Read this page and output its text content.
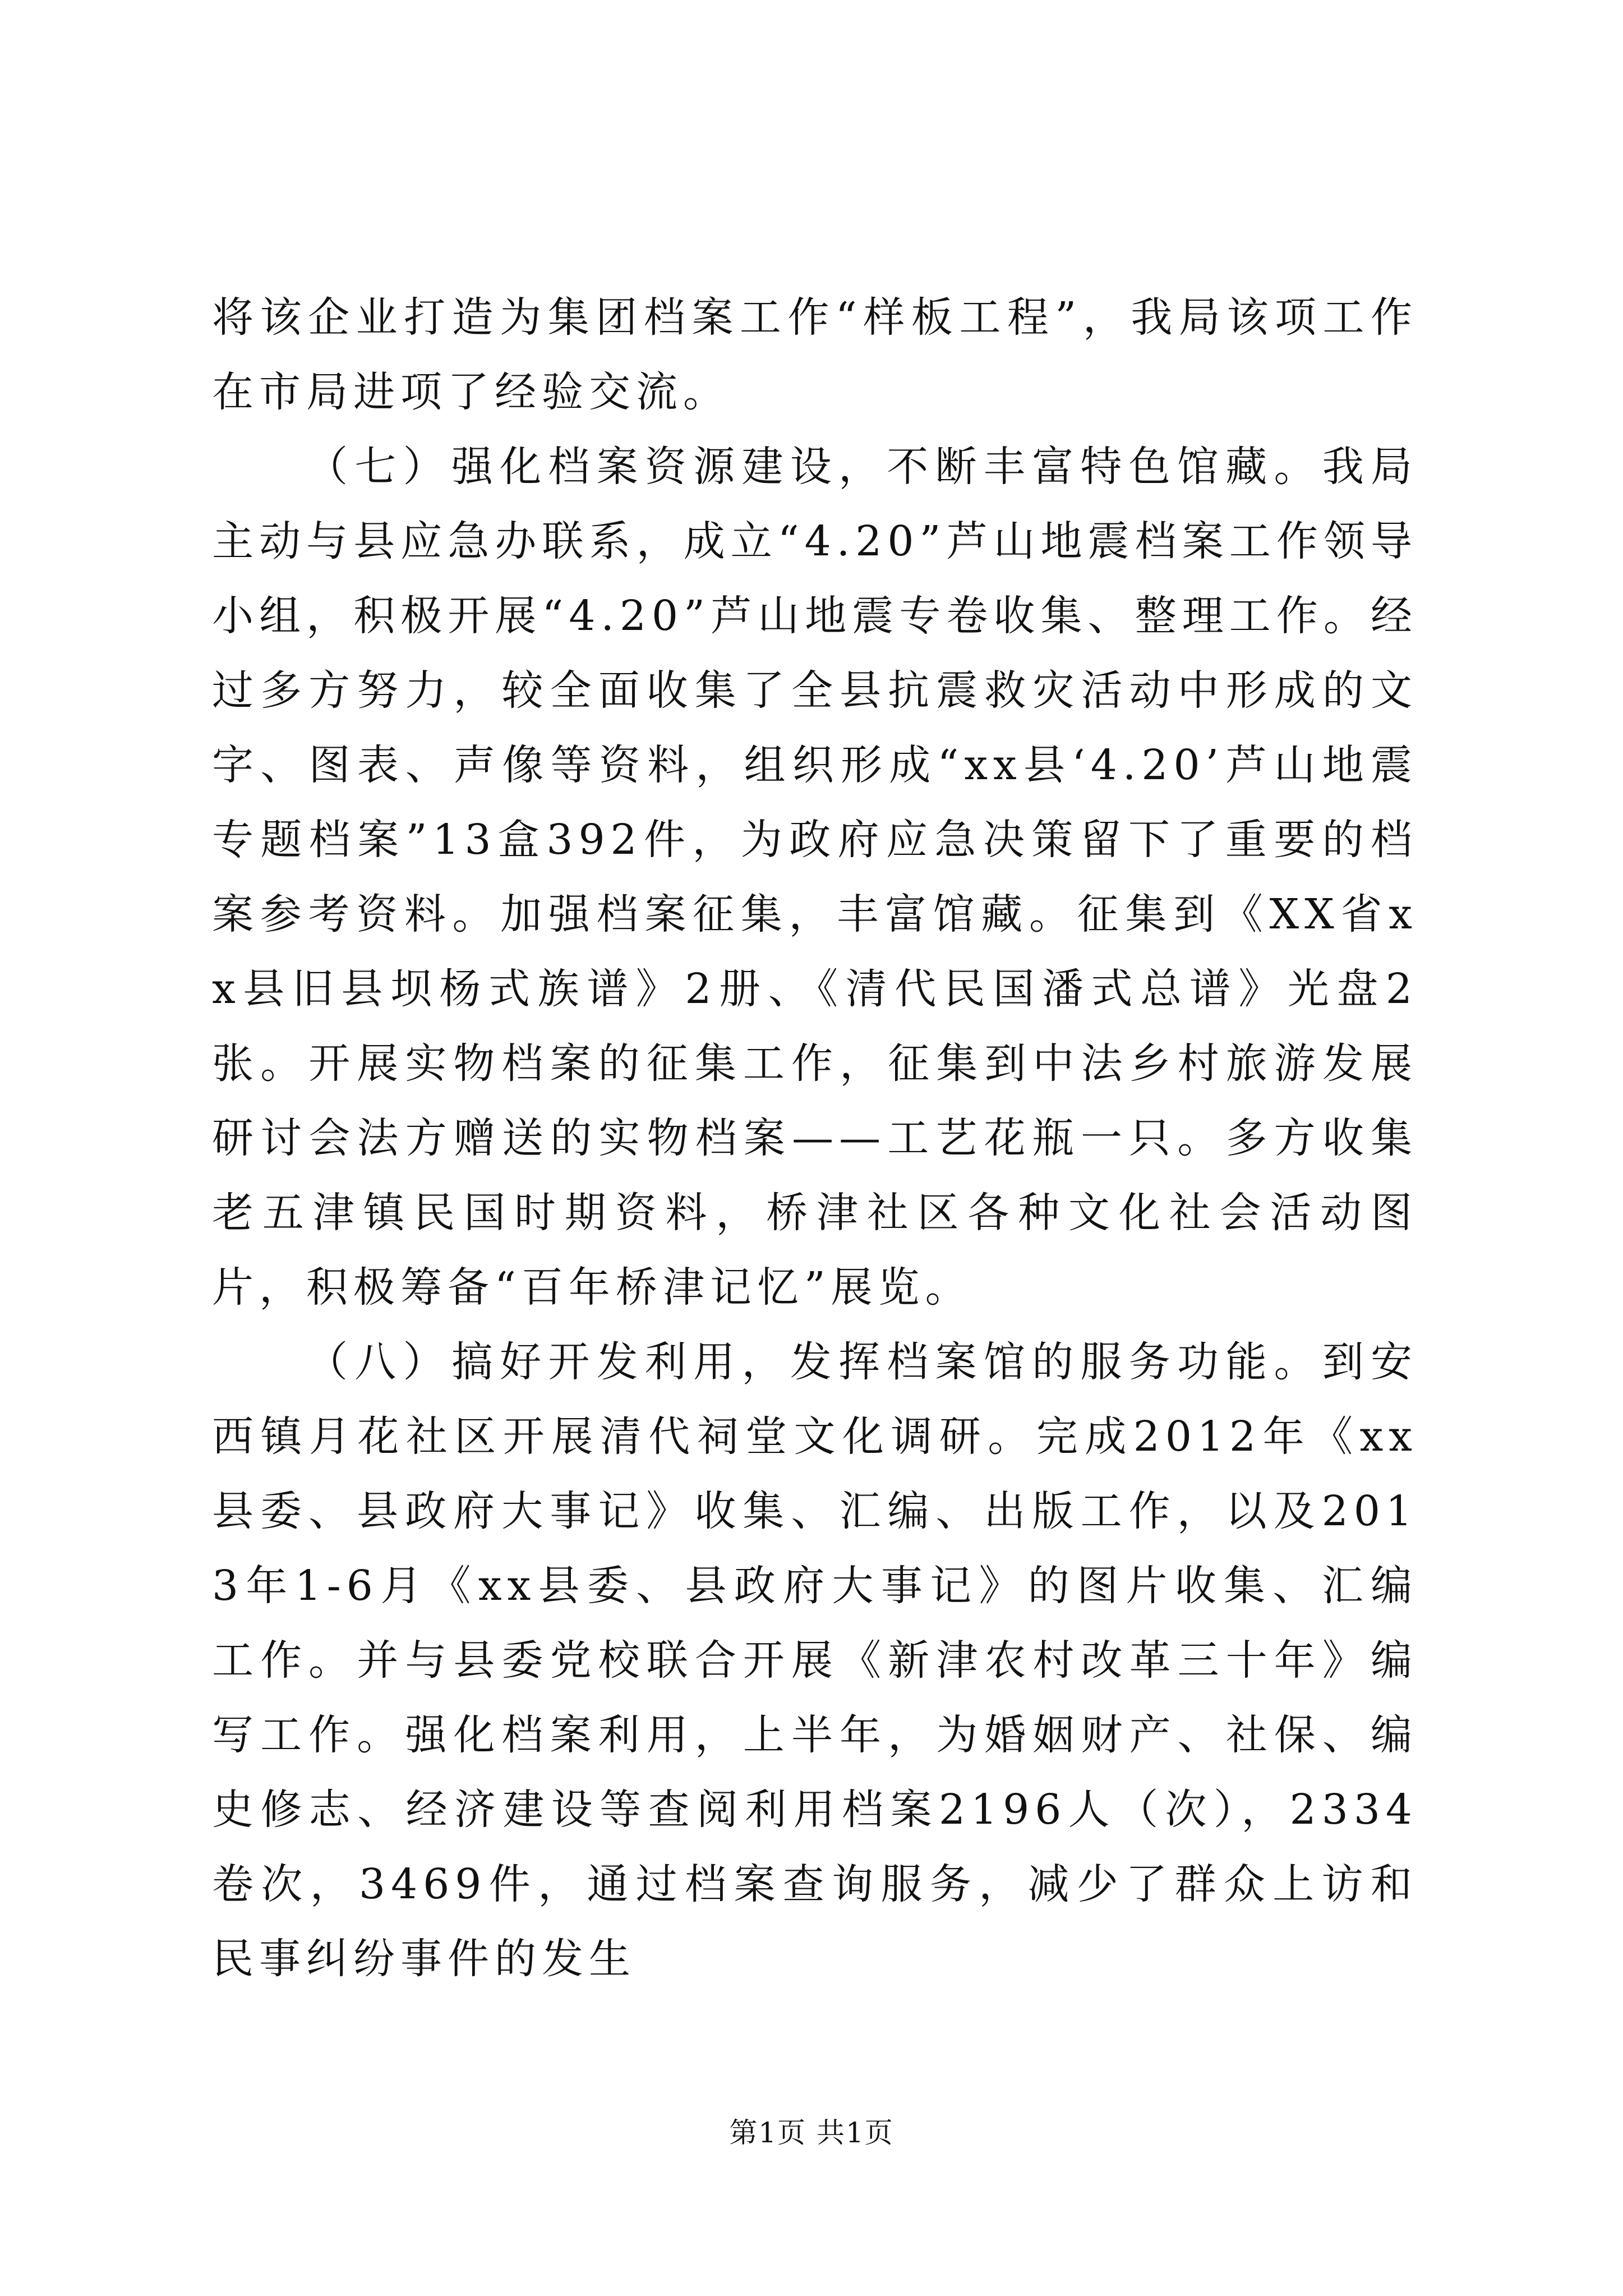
将该企业打造为集团档案工作“样板工程”，我局该项工作在市局进项了经验交流。

（七）强化档案资源建设，不断丰富特色馆藏。我局主动与县应急办联系，成立“4.20”芦山地震档案工作领导小组，积极开展“4.20”芦山地震专卷收集、整理工作。经过多方努力，较全面收集了全县抗震救灾活动中形成的文字、图表、声像等资料，组织形成“xx县‘4.20’芦山地震专题档案”13盒392件，为政府应急决策留下了重要的档案参考资料。加强档案征集，丰富馆藏。征集到《XX省xx县旧县坝杨式族谱》2册、《清代民国潘式总谱》光盘2张。开展实物档案的征集工作，征集到中法乡村旅游发展研讨会法方赠送的实物档案——工艺花瓶一只。多方收集老五津镇民国时期资料，桥津社区各种文化社会活动图片，积极筹备“百年桥津记忆”展览。

（八）搞好开发利用，发挥档案馆的服务功能。到安西镇月花社区开展清代祠堂文化调研。完成2012年《xx县委、县政府大事记》收集、汇编、出版工作，以及2013年1-6月《xx县委、县政府大事记》的图片收集、汇编工作。并与县委党校联合开展《新津农村改革三十年》编写工作。强化档案利用，上半年，为婚姻财产、社保、编史修志、经济建设等查阅利用档案2196人（次），2334卷次，3469件，通过档案查询服务，减少了群众上访和民事纠纷事件的发生

第1页 共1页
